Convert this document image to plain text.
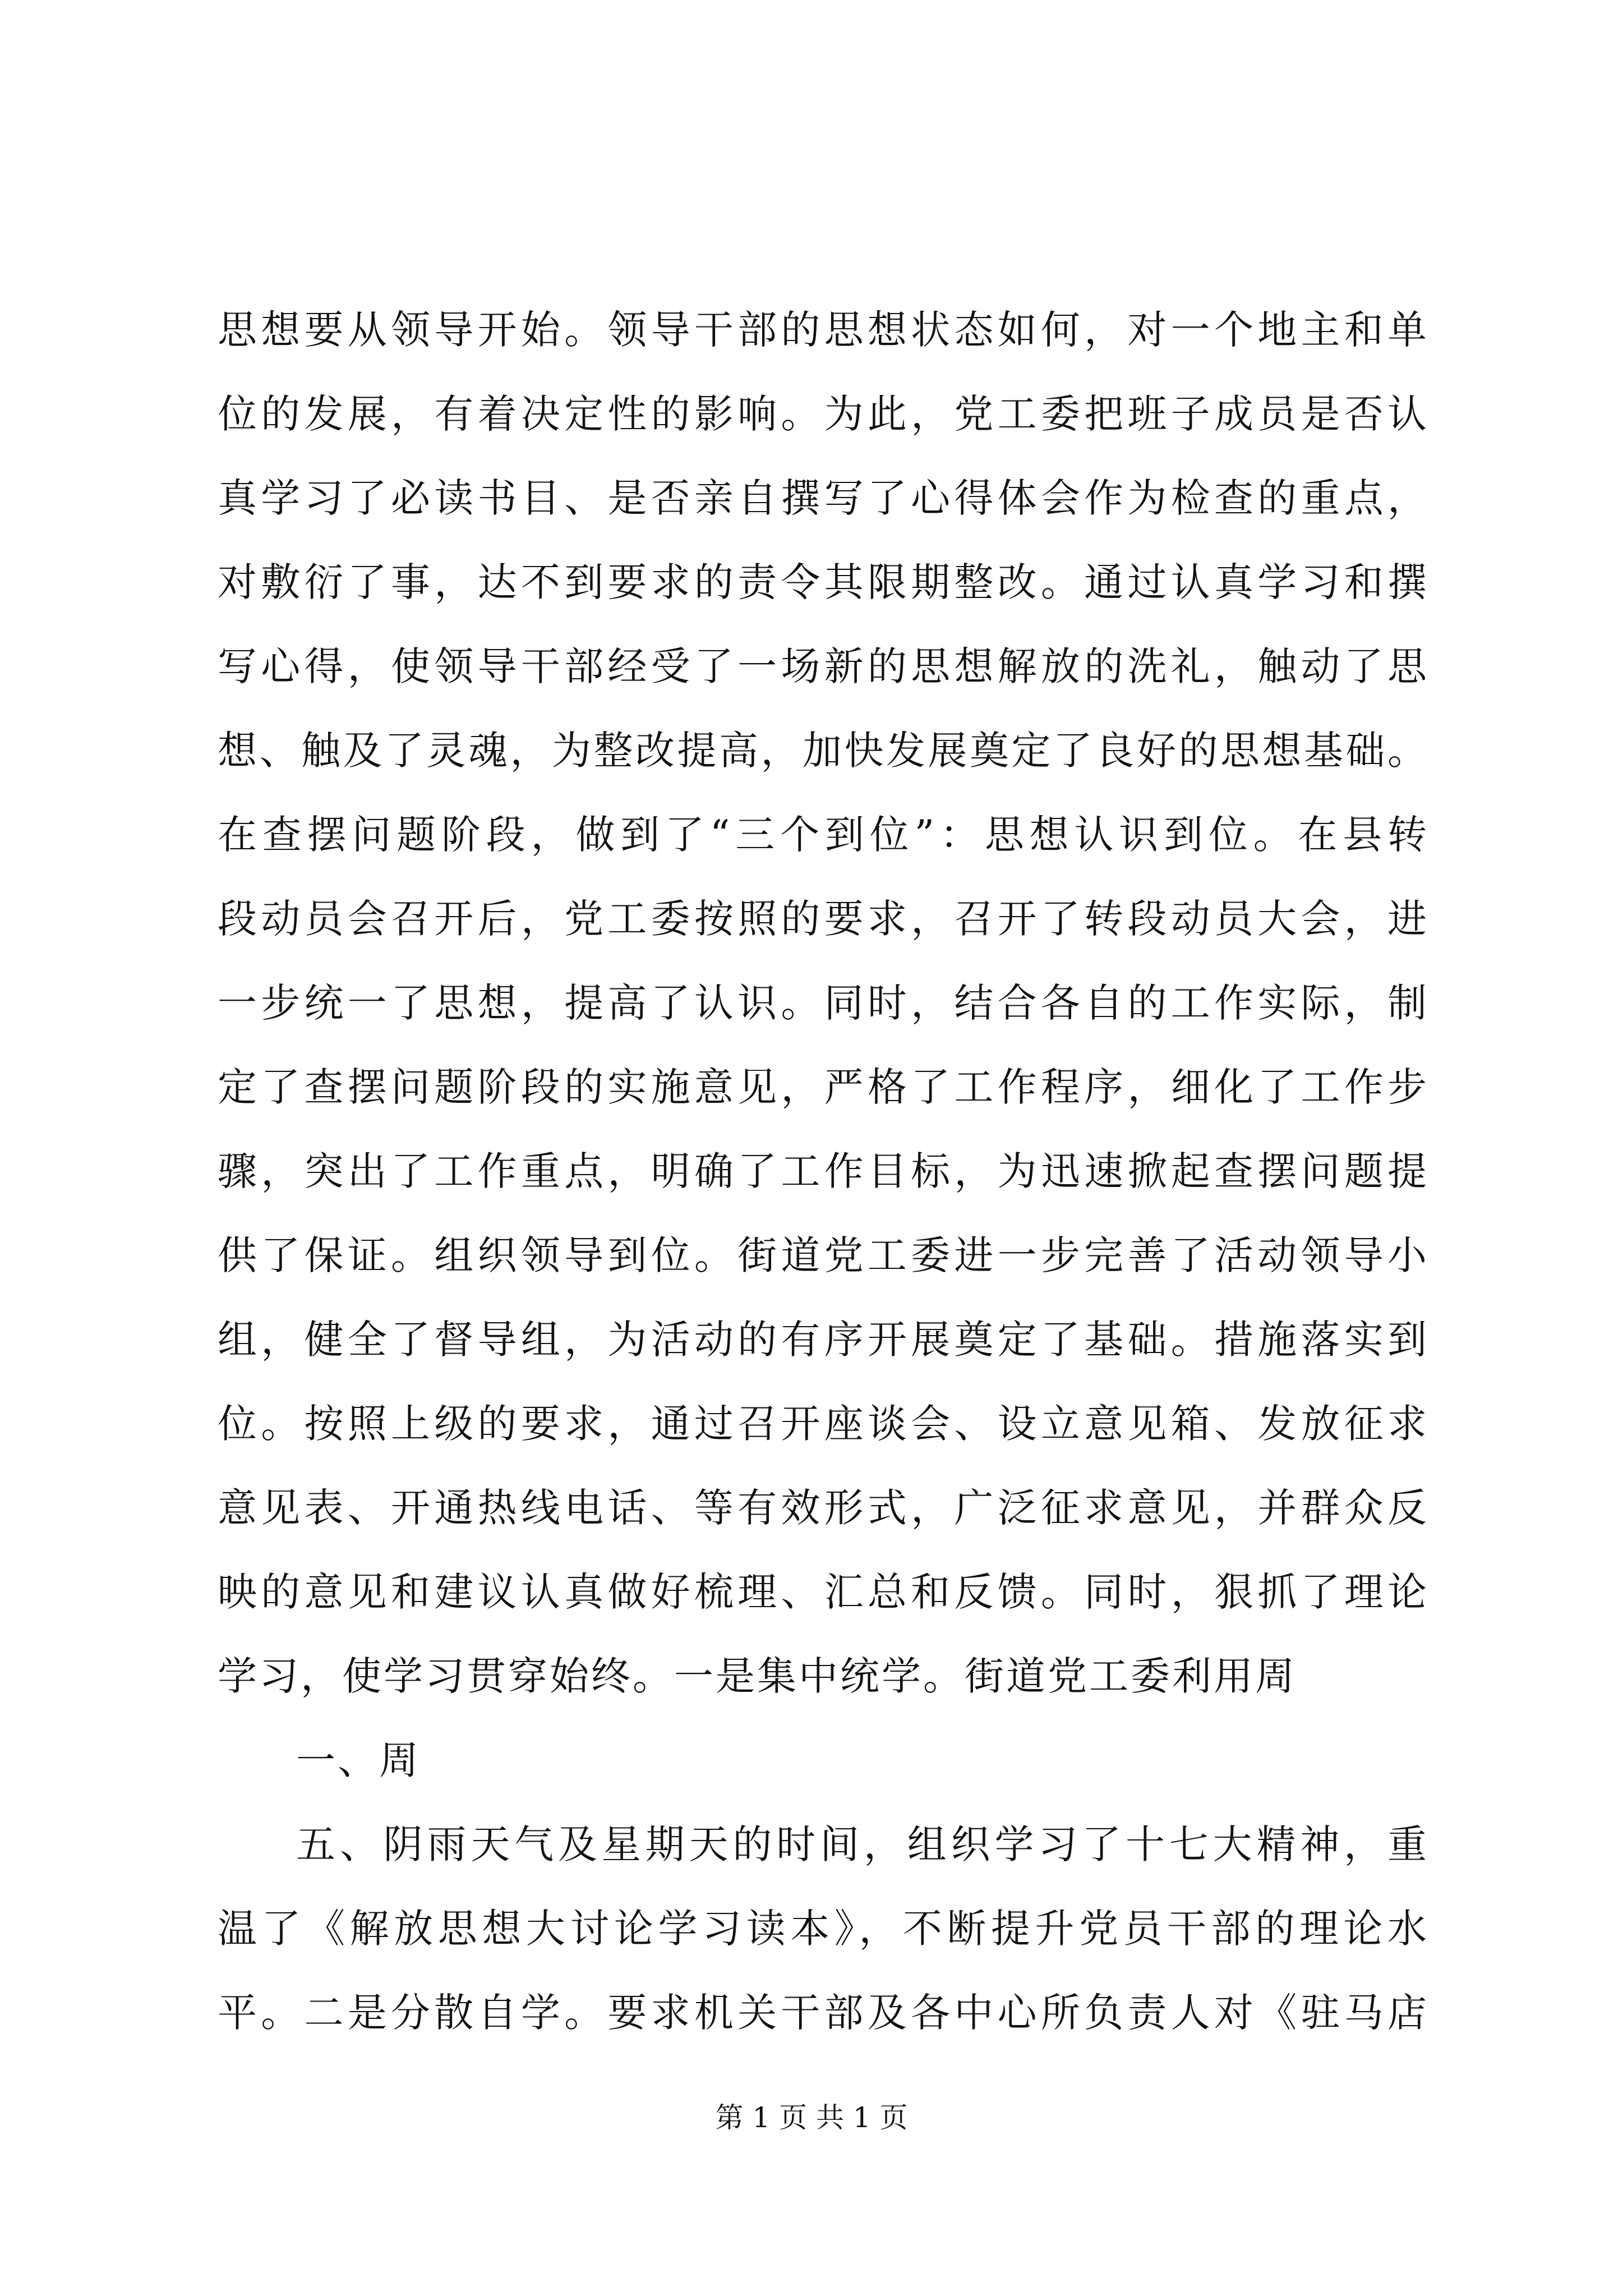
思想要从领导开始。领导干部的思想状态如何，对一个地主和单
位的发展，有着决定性的影响。为此，党工委把班子成员是否认
真学习了必读书目、是否亲自撰写了心得体会作为检查的重点，
对敷衍了事，达不到要求的责令其限期整改。通过认真学习和撰
写心得，使领导干部经受了一场新的思想解放的洗礼，触动了思
想、触及了灵魂，为整改提高，加快发展奠定了良好的思想基础。
在查摆问题阶段，做到了“三个到位”：思想认识到位。在县转
段动员会召开后，党工委按照的要求，召开了转段动员大会，进
一步统一了思想，提高了认识。同时，结合各自的工作实际，制
定了查摆问题阶段的实施意见，严格了工作程序，细化了工作步
骤，突出了工作重点，明确了工作目标，为迅速掀起查摆问题提
供了保证。组织领导到位。街道党工委进一步完善了活动领导小
组，健全了督导组，为活动的有序开展奠定了基础。措施落实到
位。按照上级的要求，通过召开座谈会、设立意见箱、发放征求
意见表、开通热线电话、等有效形式，广泛征求意见，并群众反
映的意见和建议认真做好梳理、汇总和反馈。同时，狠抓了理论
学习，使学习贯穿始终。一是集中统学。街道党工委利用周
一、周
五、阴雨天气及星期天的时间，组织学习了十七大精神，重
温了《解放思想大讨论学习读本》，不断提升党员干部的理论水
平。二是分散自学。要求机关干部及各中心所负责人对《驻马店
第 1 页 共 1 页
